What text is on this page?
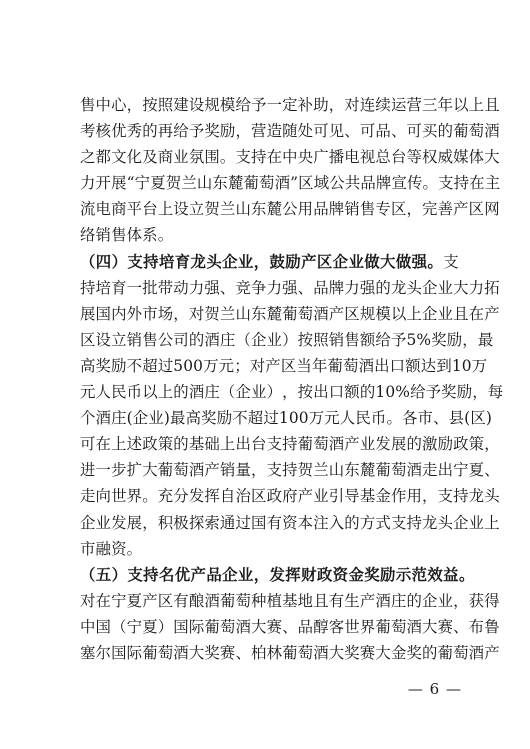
售 中 心 ， 按 照 建 设 规 模 给 予 一 定 补 助 ， 对 连 续 运 营 三 年 以 上 且
考 核 优 秀 的 再 给 予 奖 励 ， 营 造 随 处 可 见 、 可 品 、 可 买 的 葡 萄 酒
之 都 文 化 及 商 业 氛 围 。 支 持 在 中 央 广 播 电 视 总 台 等 权 威 媒 体 大
力 开 展 “ 宁 夏 贺 兰 山 东 麓 葡 萄 酒 ” 区 域 公 共 品 牌 宣 传 。 支 持 在 主
流 电 商 平 台 上 设 立 贺 兰 山 东 麓 公 用 品 牌 销 售 专 区 ， 完 善 产 区 网
络销售体系。
（四）支持培育龙头企业，鼓励产区企业做大做强。 支
持 培 育 一 批 带 动 力 强 、 竞 争 力 强 、 品 牌 力 强 的 龙 头 企 业 大 力 拓
展 国 内 外 市 场 ， 对 贺 兰 山 东 麓 葡 萄 酒 产 区 规 模 以 上 企 业 且 在 产
区 设 立 销 售 公 司 的 酒 庄 （ 企 业 ） 按 照 销 售 额 给 予 5% 奖 励 ， 最
高 奖 励 不 超 过 500 万 元 ； 对 产 区 当 年 葡 萄 酒 出 口 额 达 到 10 万
元 人 民 币 以 上 的 酒 庄 （ 企 业 ） ， 按 出 口 额 的 10% 给 予 奖 励 ， 每
个 酒 庄 ( 企 业 ) 最 高 奖 励 不 超 过 100 万 元 人 民 币 。 各 市 、 县 ( 区 )
可 在 上 述 政 策 的 基 础 上 出 台 支 持 葡 萄 酒 产 业 发 展 的 激 励 政 策 ，
进 一 步 扩 大 葡 萄 酒 产 销 量 ， 支 持 贺 兰 山 东 麓 葡 萄 酒 走 出 宁 夏 、
走 向 世 界 。 充 分 发 挥 自 治 区 政 府 产 业 引 导 基 金 作 用 ， 支 持 龙 头
企 业 发 展 ， 积 极 探 索 通 过 国 有 资 本 注 入 的 方 式 支 持 龙 头 企 业 上
市融资。
（五）支持名优产品企业，发挥财政资金奖励示范效益。
对 在 宁 夏 产 区 有 酿 酒 葡 萄 种 植 基 地 且 有 生 产 酒 庄 的 企 业 ， 获 得
中 国 （ 宁 夏 ） 国 际 葡 萄 酒 大 赛 、 品 醇 客 世 界 葡 萄 酒 大 赛 、 布 鲁
塞 尔 国 际 葡 萄 酒 大 奖 赛 、 柏 林 葡 萄 酒 大 奖 赛 大 金 奖 的 葡 萄 酒 产
— 6 —
